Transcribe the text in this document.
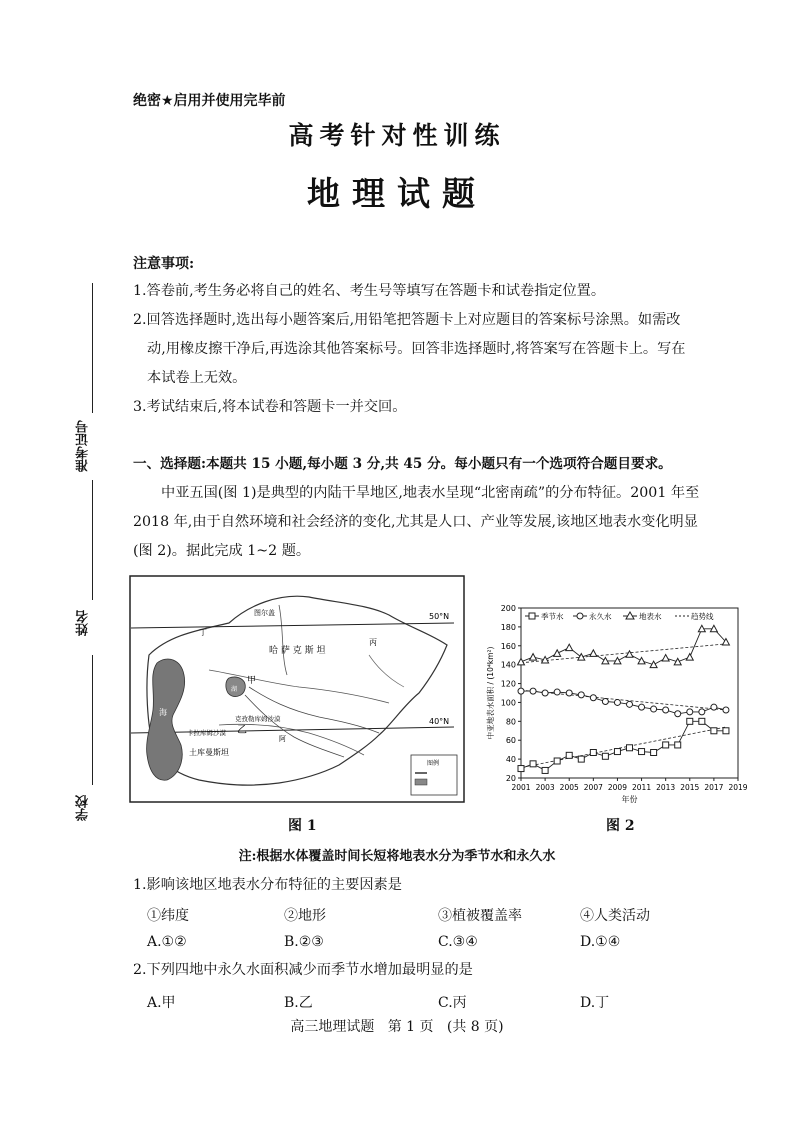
准考证号
姓名
学校
绝密★启用并使用完毕前
高考针对性训练
地理试题
注意事项:
1.答卷前,考生务必将自己的姓名、考生号等填写在答题卡和试卷指定位置。
2.回答选择题时,选出每小题答案后,用铅笔把答题卡上对应题目的答案标号涂黑。如需改
动,用橡皮擦干净后,再选涂其他答案标号。回答非选择题时,将答案写在答题卡上。写在
本试卷上无效。
3.考试结束后,将本试卷和答题卡一并交回。
一、选择题:本题共 15 小题,每小题 3 分,共 45 分。每小题只有一个选项符合题目要求。
中亚五国(图 1)是典型的内陆干旱地区,地表水呈现“北密南疏”的分布特征。2001 年至
2018 年,由于自然环境和社会经济的变化,尤其是人口、产业等发展,该地区地表水变化明显
(图 2)。据此完成 1~2 题。
图例
50°N
40°N
哈 萨 克 斯 坦
甲
乙
土库曼斯坦
丙
丁
海
图尔盖
湖
克孜勒库姆沙漠
卡拉库姆沙漠
阿
20
40
60
80
100
120
140
160
180
200
2001 2003 2005 2007 2009 2011 2013 2015 2017 2019
年份
中亚地表水面积 / (10⁴km²)
季节水	永久水	地表水	趋势线
图 1	图 2
注:根据水体覆盖时间长短将地表水分为季节水和永久水
1.影响该地区地表水分布特征的主要因素是
①纬度	②地形	③植被覆盖率	④人类活动
A.①②	B.②③	C.③④	D.①④
2.下列四地中永久水面积减少而季节水增加最明显的是
A.甲	B.乙	C.丙	D.丁
高三地理试题   第 1 页   (共 8 页)
